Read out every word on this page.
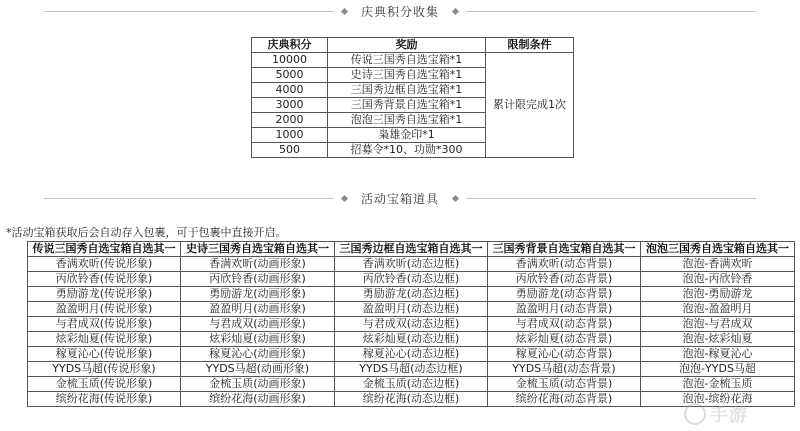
庆典积分收集
庆典积分	奖励	限制条件
10000	传说三国秀自选宝箱*1	累计限完成1次
5000	史诗三国秀自选宝箱*1	
4000	三国秀边框自选宝箱*1	
3000	三国秀背景自选宝箱*1	
2000	泡泡三国秀自选宝箱*1	
1000	枭雄金印*1	
500	招募令*10、功勋*300	
活动宝箱道具
*活动宝箱获取后会自动存入包裹，可于包裹中直接开启。
传说三国秀自选宝箱自选其一	史诗三国秀自选宝箱自选其一	三国秀边框自选宝箱自选其一	三国秀背景自选宝箱自选其一	泡泡三国秀自选宝箱自选其一
香满欢昕(传说形象)	香满欢昕(动画形象)	香满欢昕(动态边框)	香满欢昕(动态背景)	泡泡-香满欢昕
丙欣铃香(传说形象)	丙欣铃香(动画形象)	丙欣铃香(动态边框)	丙欣铃香(动态背景)	泡泡-丙欣铃香
勇励游龙(传说形象)	勇励游龙(动画形象)	勇励游龙(动态边框)	勇励游龙(动态背景)	泡泡-勇励游龙
盈盈明月(传说形象)	盈盈明月(动画形象)	盈盈明月(动态边框)	盈盈明月(动态背景)	泡泡-盈盈明月
与君成双(传说形象)	与君成双(动画形象)	与君成双(动态边框)	与君成双(动态背景)	泡泡-与君成双
炫彩灿夏(传说形象)	炫彩灿夏(动画形象)	炫彩灿夏(动态边框)	炫彩灿夏(动态背景)	泡泡-炫彩灿夏
稼夏沁心(传说形象)	稼夏沁心(动画形象)	稼夏沁心(动态边框)	稼夏沁心(动态背景)	泡泡-稼夏沁心
YYDS马超(传说形象)	YYDS马超(动画形象)	YYDS马超(动态边框)	YYDS马超(动态背景)	泡泡-YYDS马超
金梳玉质(传说形象)	金梳玉质(动画形象)	金梳玉质(动态边框)	金梳玉质(动态背景)	泡泡-金梳玉质
缤纷花海(传说形象)	缤纷花海(动画形象)	缤纷花海(动态边框)	缤纷花海(动态背景)	泡泡-缤纷花海
手游
